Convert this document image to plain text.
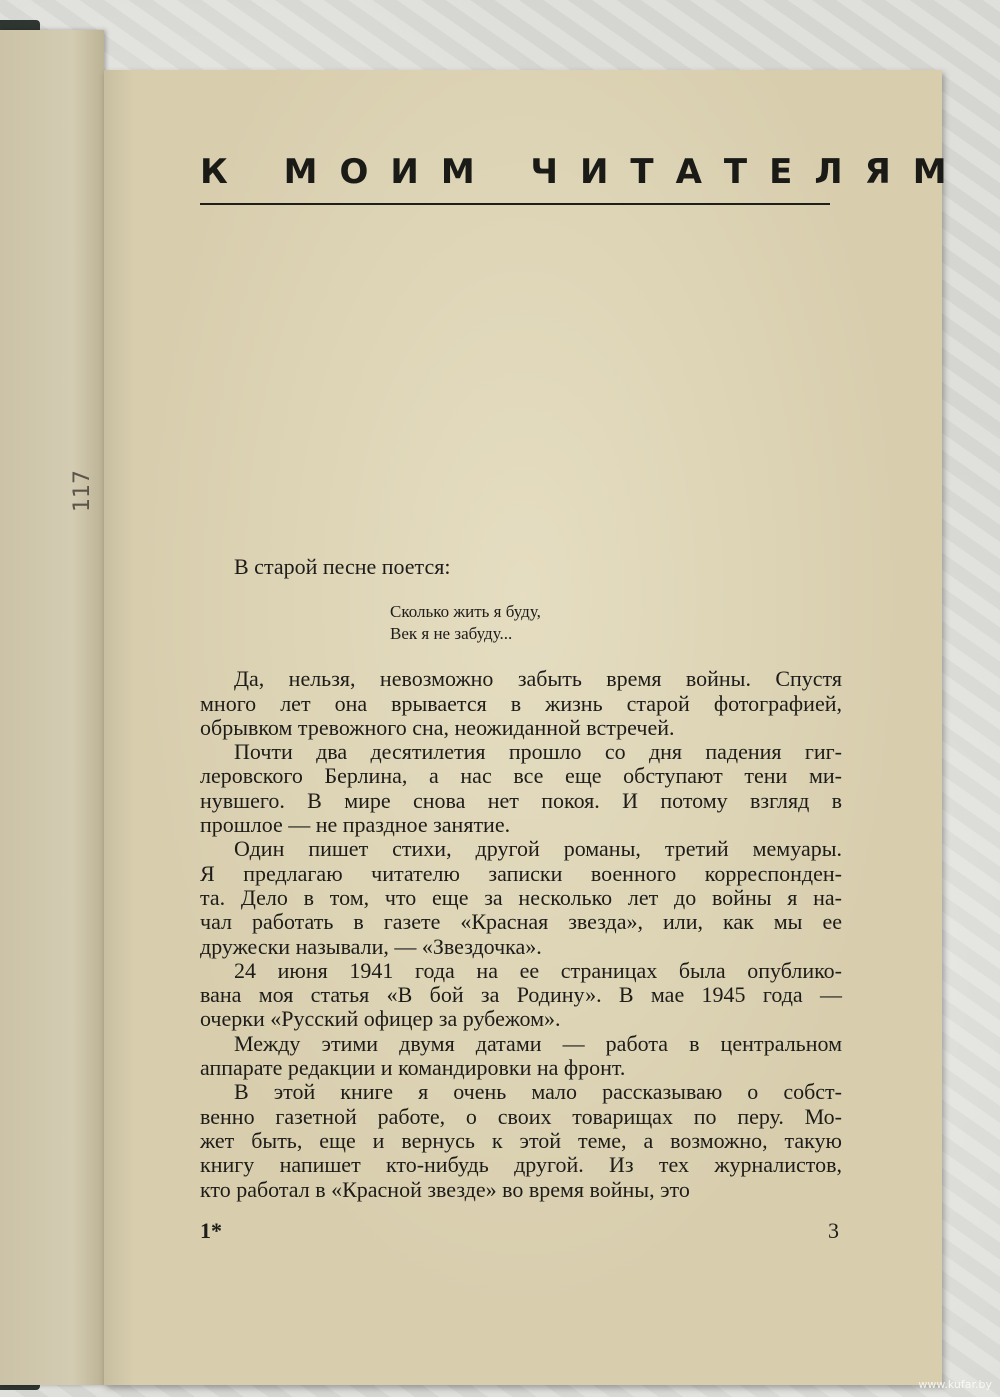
117
К МОИМ ЧИТАТЕЛЯМ

В старой песне поется:

Сколько жить я буду,
Век я не забуду...

Да, нельзя, невозможно забыть время войны. Спустя
много лет она врывается в жизнь старой фотографией,
обрывком тревожного сна, неожиданной встречей.

Почти два десятилетия прошло со дня падения гиг-
леровского Берлина, а нас все еще обступают тени ми-
нувшего. В мире снова нет покоя. И потому взгляд в
прошлое — не праздное занятие.

Один пишет стихи, другой романы, третий мемуары.
Я предлагаю читателю записки военного корреспонден-
та. Дело в том, что еще за несколько лет до войны я на-
чал работать в газете «Красная звезда», или, как мы ее
дружески называли, — «Звездочка».

24 июня 1941 года на ее страницах была опублико-
вана моя статья «В бой за Родину». В мае 1945 года —
очерки «Русский офицер за рубежом».

Между этими двумя датами — работа в центральном
аппарате редакции и командировки на фронт.

В этой книге я очень мало рассказываю о собст-
венно газетной работе, о своих товарищах по перу. Мо-
жет быть, еще и вернусь к этой теме, а возможно, такую
книгу напишет кто-нибудь другой. Из тех журналистов,
кто работал в «Красной звезде» во время войны, это

1*	3
www.kufar.by
